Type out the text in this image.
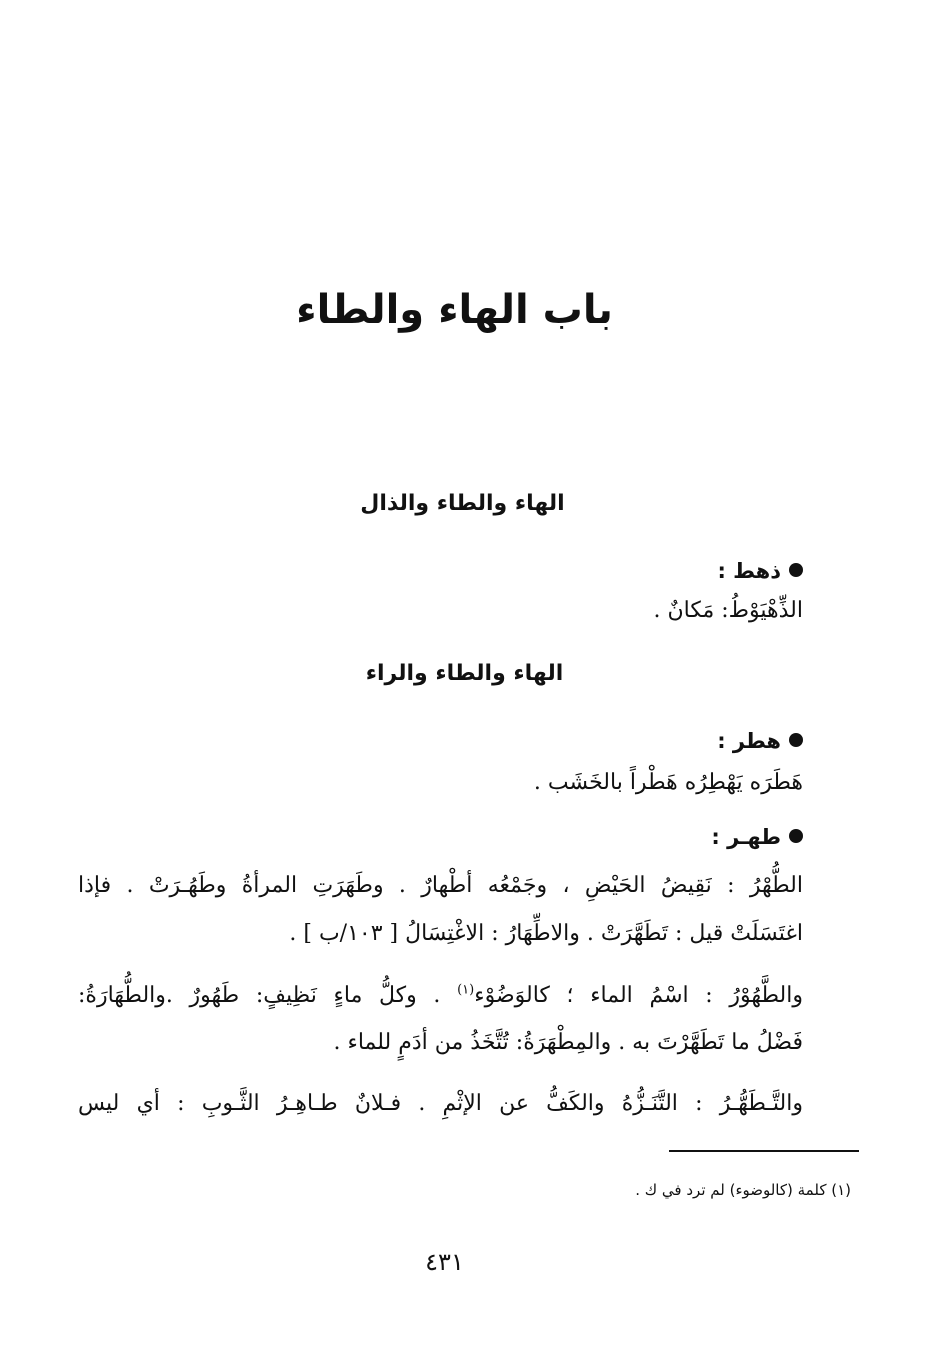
باب الهاء والطاء
الهاء والطاء والذال
ذهط :
الذِّهْيَوْطُ: مَكانٌ .
الهاء والطاء والراء
هطر :
هَطَرَه يَهْطِرُه هَطْراً بالخَشَب .
طهـر :
الطُّهْرُ : نَقِيضُ الحَيْضِ ، وجَمْعُه أطْهارٌ . وطَهَرَتِ المرأةُ وطَهُـرَتْ . فإذا
اغتَسَلَتْ قيل : تَطَهَّرَتْ . والاطِّهَارُ : الاغْتِسَالُ [ ١٠٣/ب ] .
والطَّهُوْرُ : اسْمُ الماء ؛ كالوَضُوْء$^{(١)}$ . وكلُّ ماءٍ نَظِيفٍ: طَهُورٌ .والطُّهَارَةُ:
فَضْلُ ما تَطَهَّرْتَ به . والمِطْهَرَةُ: تُتَّخَذُ من أدَمٍ للماء .
والتَّـطَهُّـرُ : التَّنَـزُّهُ والكَفُّ عن الإثْمِ . فـلانٌ طـاهِـرُ الثَّـوبِ : أي ليس
(١) كلمة (كالوضوء) لم ترد في ك .
٤٣١
